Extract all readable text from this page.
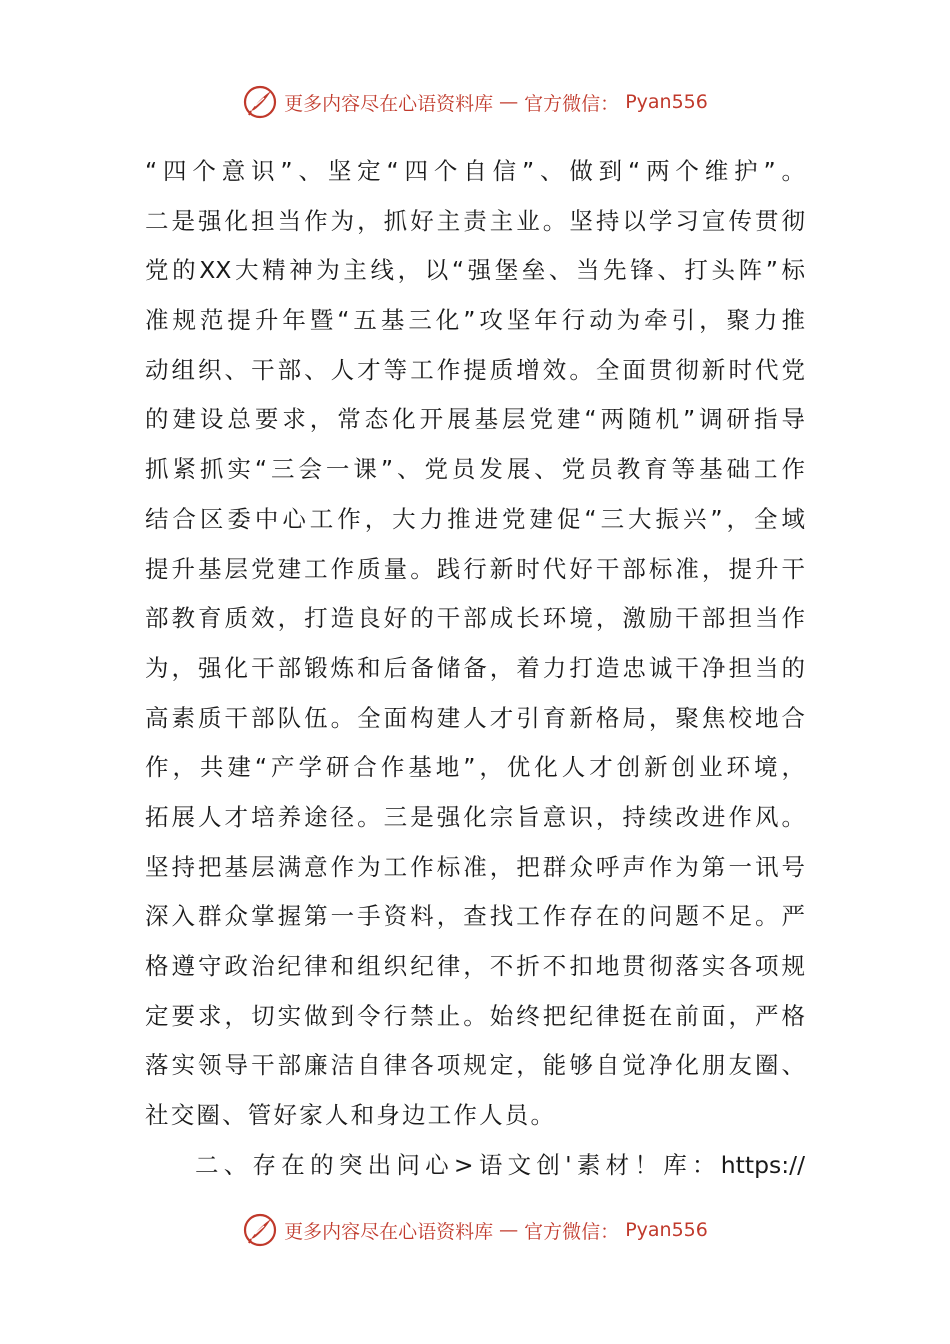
更多内容尽在心语资料库 — 官方微信： Pyan556
“四个意识”、坚定“四个自信”、做到“两个维护”。
二是强化担当作为，抓好主责主业。坚持以学习宣传贯彻
党的XX大精神为主线，以“强堡垒、当先锋、打头阵”标
准规范提升年暨“五基三化”攻坚年行动为牵引，聚力推
动组织、干部、人才等工作提质增效。全面贯彻新时代党
的建设总要求，常态化开展基层党建“两随机”调研指导
抓紧抓实“三会一课”、党员发展、党员教育等基础工作
结合区委中心工作，大力推进党建促“三大振兴”，全域
提升基层党建工作质量。践行新时代好干部标准，提升干
部教育质效，打造良好的干部成长环境，激励干部担当作
为，强化干部锻炼和后备储备，着力打造忠诚干净担当的
高素质干部队伍。全面构建人才引育新格局，聚焦校地合
作，共建“产学研合作基地”，优化人才创新创业环境，
拓展人才培养途径。三是强化宗旨意识，持续改进作风。
坚持把基层满意作为工作标准，把群众呼声作为第一讯号
深入群众掌握第一手资料，查找工作存在的问题不足。严
格遵守政治纪律和组织纪律，不折不扣地贯彻落实各项规
定要求，切实做到令行禁止。始终把纪律挺在前面，严格
落实领导干部廉洁自律各项规定，能够自觉净化朋友圈、
社交圈、管好家人和身边工作人员。
二、存在的突出问心>语文创'素材！库：https://
更多内容尽在心语资料库 — 官方微信： Pyan556
